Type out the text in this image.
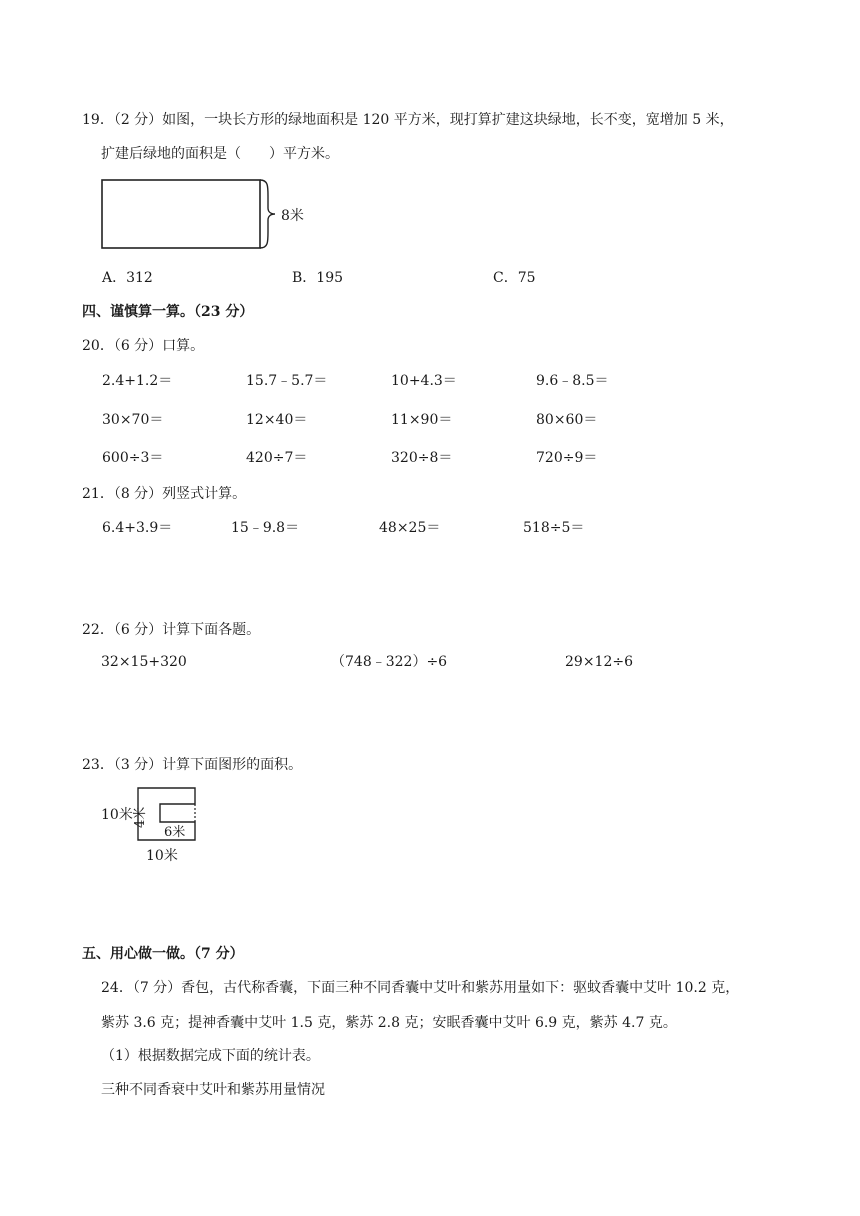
19．（2 分）如图，一块长方形的绿地面积是 120 平方米，现打算扩建这块绿地，长不变，宽增加 5 米，
扩建后绿地的面积是（　　）平方米。
8米
A．312	B．195	C．75
四、谨慎算一算。（23 分）
20．（6 分）口算。
2.4+1.2＝	15.7﹣5.7＝	10+4.3＝	9.6﹣8.5＝
30×70＝	12×40＝	11×90＝	80×60＝
600÷3＝	420÷7＝	320÷8＝	720÷9＝
21．（8 分）列竖式计算。
6.4+3.9＝	15﹣9.8＝	48×25＝	518÷5＝
22．（6 分）计算下面各题。
32×15+320	（748﹣322）÷6	29×12÷6
23．（3 分）计算下面图形的面积。
10米
10米
6米
4米
五、用心做一做。（7 分）
24．（7 分）香包，古代称香囊，下面三种不同香囊中艾叶和紫苏用量如下：驱蚊香囊中艾叶 10.2 克，
紫苏 3.6 克；提神香囊中艾叶 1.5 克，紫苏 2.8 克；安眠香囊中艾叶 6.9 克，紫苏 4.7 克。
（1）根据数据完成下面的统计表。
三种不同香衰中艾叶和紫苏用量情况
